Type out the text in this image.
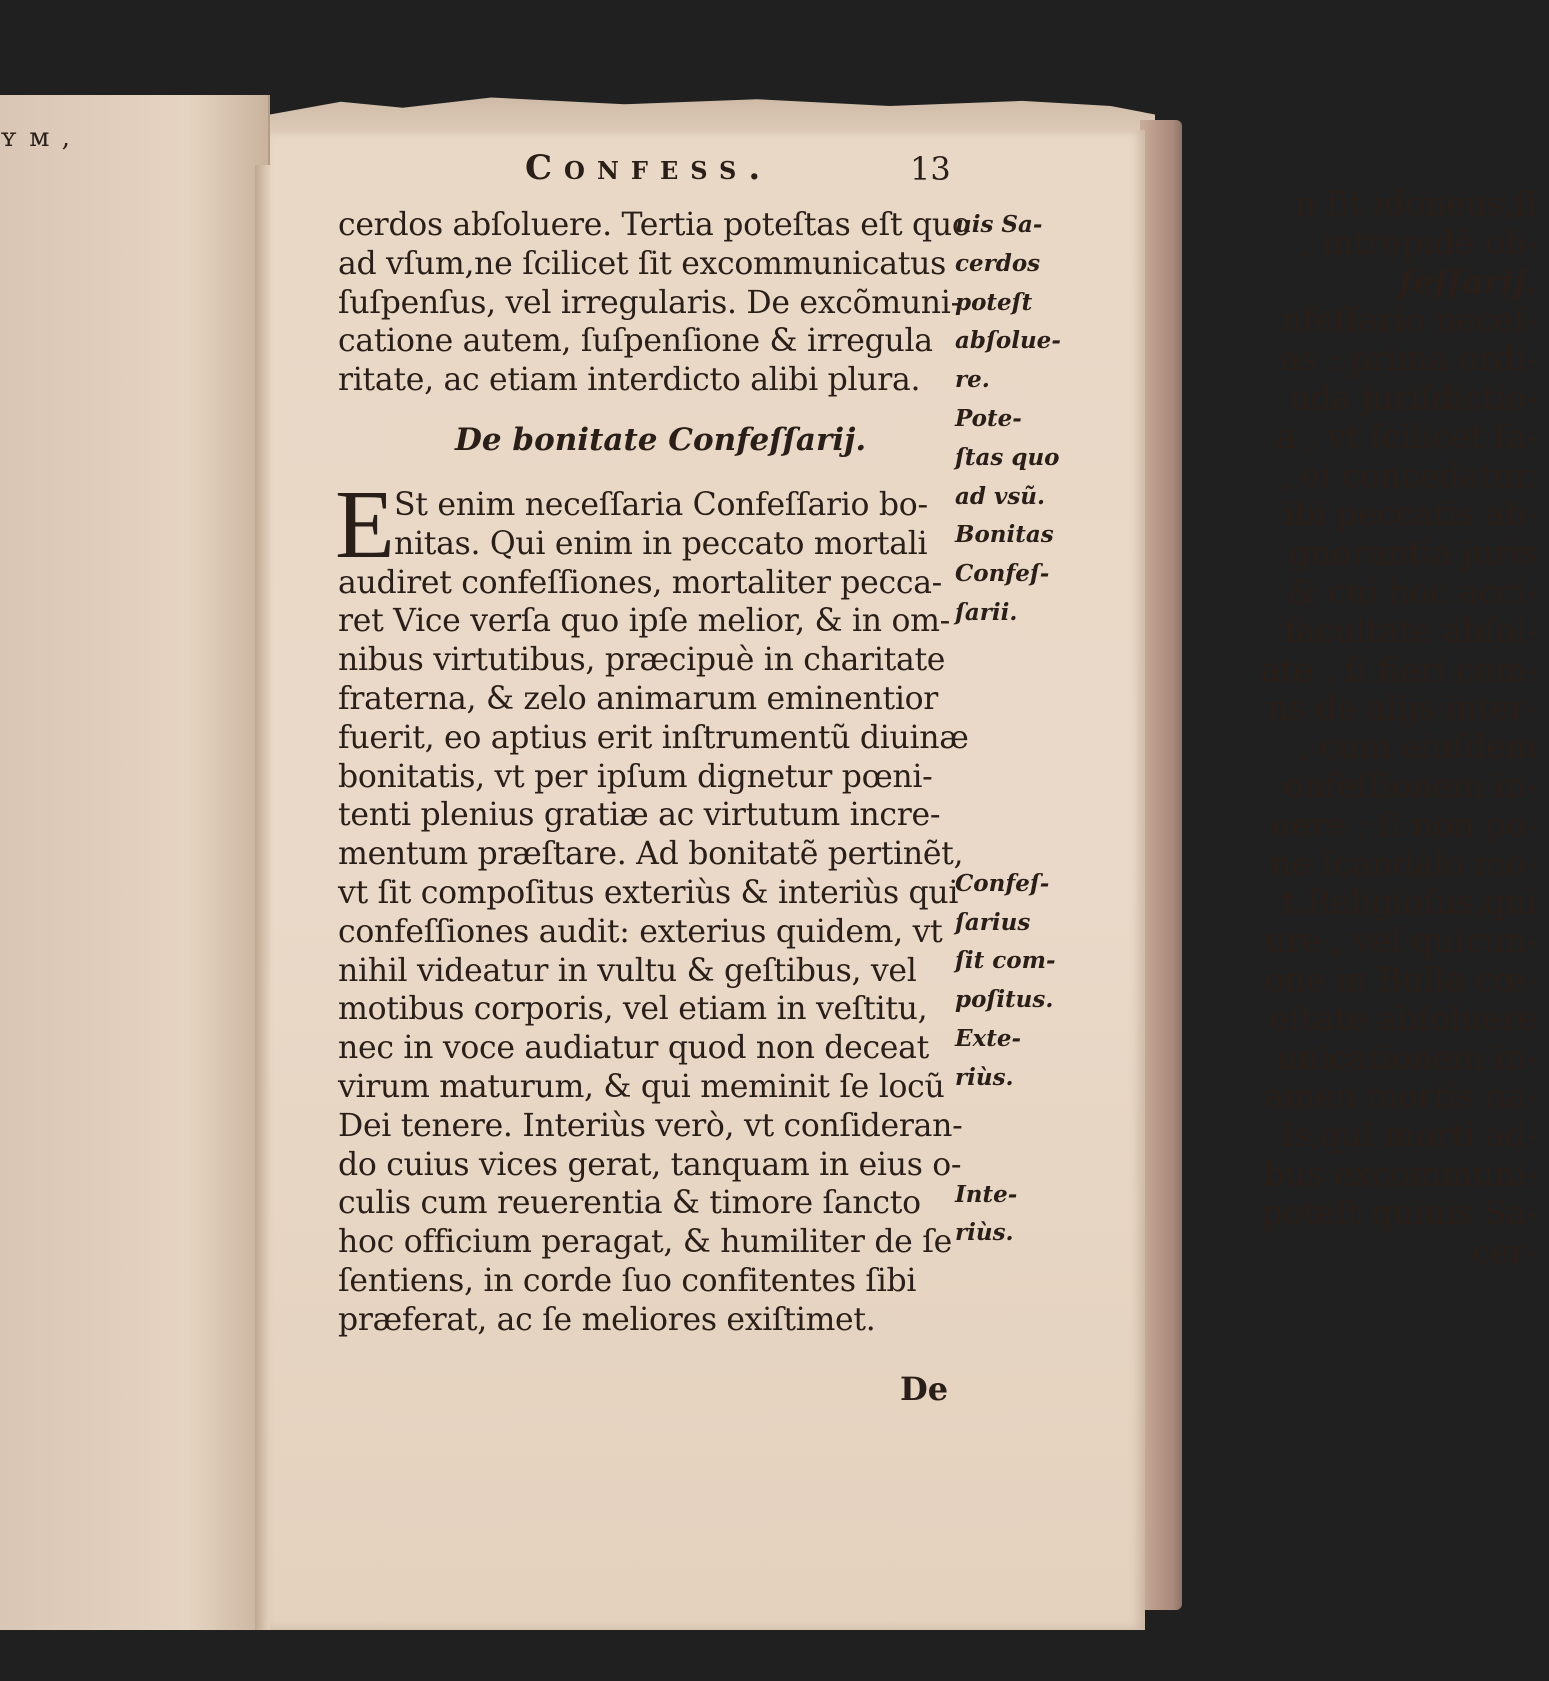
ʏ ᴍ ,
n ſit idoneus,ſi
, intrepidè ob-
feſſarij.
nfeſſario neceſ-
as : prima ordi-
nda juriſdictio-
a , vt ſcilicet ſa-
, ei concedatur.
ibi peccatis ab-
gnorantia juris
& cui hoc acci-
facultate abſol-
ate , ſi fieri com-
ns de alijs inter-
, cum eiuſdem
onfeſſionem in-
uere ; ſi non po-
ne ſcandalo mo-
t.Religioſus,qui
ure , vel quicun-
one in Bulla cœ-
eſtate abſoluere
unicationem in-
amen mortis na-
is,qui morti ad-
bus excommuni-
poteſt quiuis Sa-
cer-
Confess.	13
cerdos abſoluere. Tertia poteſtas eſt quo
ad vſum,ne ſcilicet ſit excommunicatus
ſuſpenſus, vel irregularis. De excõmuni-
catione autem, ſuſpenſione & irregula
ritate, ac etiam interdicto alibi plura.
De bonitate Confeſſarij.
E St enim neceſſaria Confeſſario bo-
nitas. Qui enim in peccato mortali
audiret confeſſiones, mortaliter pecca-
ret Vice verſa quo ipſe melior, & in om-
nibus virtutibus, præcipuè in charitate
fraterna, & zelo animarum eminentior
fuerit, eo aptius erit inſtrumentũ diuinæ
bonitatis, vt per ipſum dignetur pœni-
tenti plenius gratiæ ac virtutum incre-
mentum præſtare. Ad bonitatẽ pertinẽt,
vt ſit compoſitus exteriùs & interiùs qui
confeſſiones audit: exterius quidem, vt
nihil videatur in vultu & geſtibus, vel
motibus corporis, vel etiam in veſtitu,
nec in voce audiatur quod non deceat
virum maturum, & qui meminit ſe locũ
Dei tenere. Interiùs verò, vt conſideran-
do cuius vices gerat, tanquam in eius o-
culis cum reuerentia & timore ſancto
hoc officium peragat, & humiliter de ſe
ſentiens, in corde ſuo confitentes ſibi
præferat, ac ſe meliores exiſtimet.
De
uis Sa-
cerdos
poteſt
abſolue-
re.
Pote-
ſtas quo
ad vsũ.
Bonitas
Confeſ-
ſarii.
Confeſ-
ſarius
ſit com-
poſitus.
Exte-
riùs.
Inte-
riùs.
